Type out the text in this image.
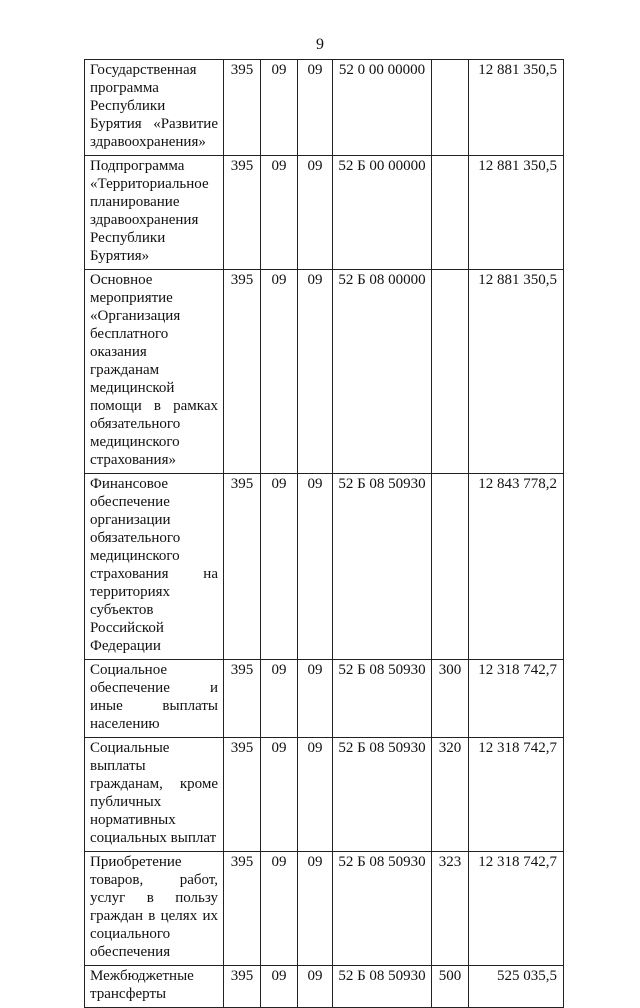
9
Государственная программа Республики Бурятия «Развитие здравоохранения»	395	09	09	52 0 00 00000		12 881 350,5
Подпрограмма «Территориальное планирование здравоохранения Республики Бурятия»	395	09	09	52 Б 00 00000		12 881 350,5
Основное мероприятие «Организация бесплатного оказания гражданам медицинской помощи в рамках обязательного медицинского страхования»	395	09	09	52 Б 08 00000		12 881 350,5
Финансовое обеспечение организации обязательного медицинского страхования на территориях субъектов Российской Федерации	395	09	09	52 Б 08 50930		12 843 778,2
Социальное обеспечение и иные выплаты населению	395	09	09	52 Б 08 50930	300	12 318 742,7
Социальные выплаты гражданам, кроме публичных нормативных социальных выплат	395	09	09	52 Б 08 50930	320	12 318 742,7
Приобретение товаров, работ, услуг в пользу граждан в целях их социального обеспечения	395	09	09	52 Б 08 50930	323	12 318 742,7
Межбюджетные трансферты	395	09	09	52 Б 08 50930	500	525 035,5
